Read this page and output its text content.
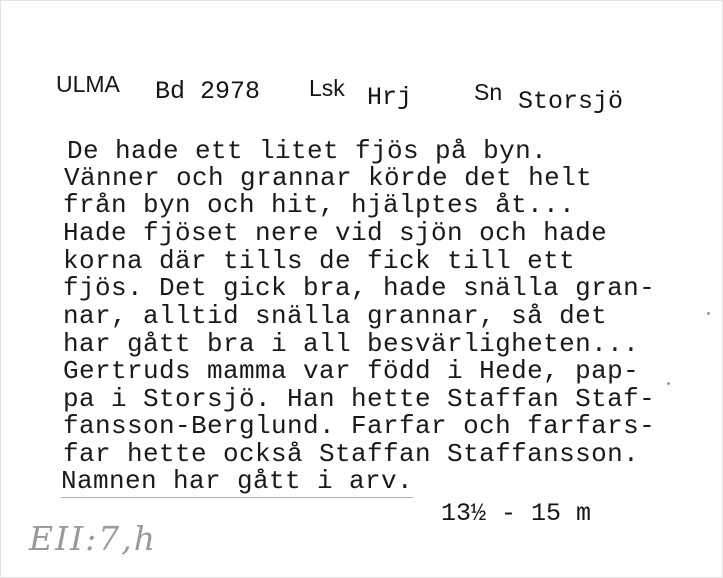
ULMA Bd 2978 Lsk Hrj	Sn Storsjö
De hade ett litet fjös på byn.
Vänner och grannar körde det helt
från byn och hit, hjälptes åt...
Hade fjöset nere vid sjön och hade
korna där tills de fick till ett
fjös. Det gick bra, hade snälla gran-
nar, alltid snälla grannar, så det
har gått bra i all besvärligheten...
Gertruds mamma var född i Hede, pap-
pa i Storsjö. Han hette Staffan Staf-
fansson-Berglund. Farfar och farfars-
far hette också Staffan Staffansson.
Namnen har gått i arv.
13½ - 15 m
EII:7,h
